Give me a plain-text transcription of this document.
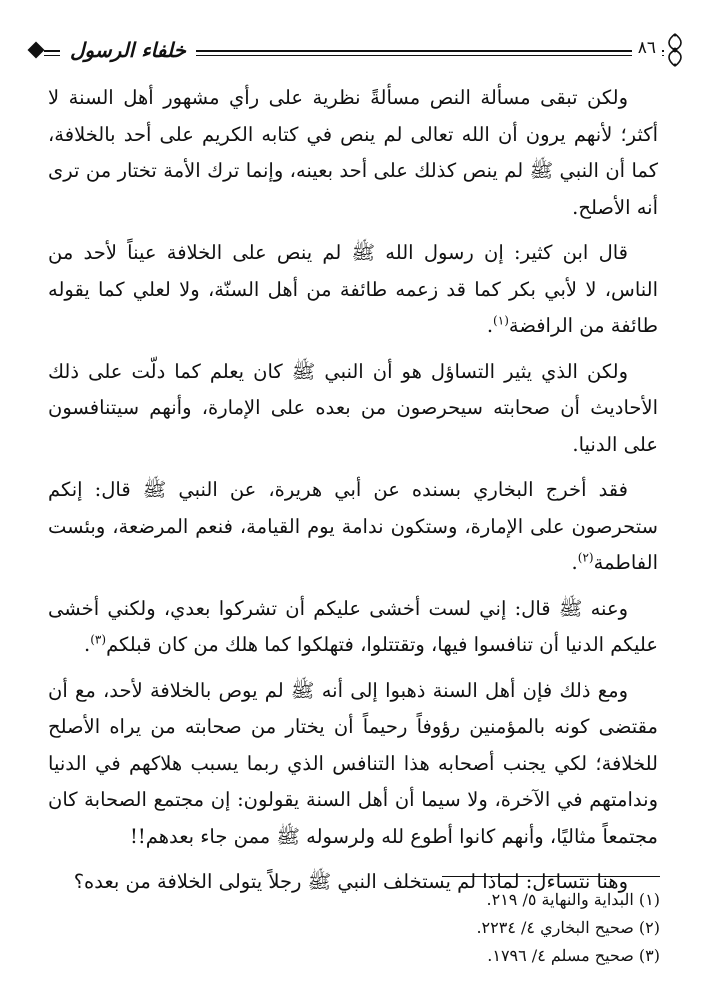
خلفاء الرسول	٨٦

ولكن تبقى مسألة النص مسألةً نظرية على رأي مشهور أهل السنة لا أكثر؛ لأنهم يرون أن الله تعالى لم ينص في كتابه الكريم على أحد بالخلافة، كما أن النبي ﷺ لم ينص كذلك على أحد بعينه، وإنما ترك الأمة تختار من ترى أنه الأصلح.

قال ابن كثير: إن رسول الله ﷺ لم ينص على الخلافة عيناً لأحد من الناس، لا لأبي بكر كما قد زعمه طائفة من أهل السنّة، ولا لعلي كما يقوله طائفة من الرافضة$^{(١)}$.

ولكن الذي يثير التساؤل هو أن النبي ﷺ كان يعلم كما دلّت على ذلك الأحاديث أن صحابته سيحرصون من بعده على الإمارة، وأنهم سيتنافسون على الدنيا.

فقد أخرج البخاري بسنده عن أبي هريرة، عن النبي ﷺ قال: إنكم ستحرصون على الإمارة، وستكون ندامة يوم القيامة، فنعم المرضعة، وبئست الفاطمة$^{(٢)}$.

وعنه ﷺ قال: إني لست أخشى عليكم أن تشركوا بعدي، ولكني أخشى عليكم الدنيا أن تنافسوا فيها، وتقتتلوا، فتهلكوا كما هلك من كان قبلكم$^{(٣)}$.

ومع ذلك فإن أهل السنة ذهبوا إلى أنه ﷺ لم يوص بالخلافة لأحد، مع أن مقتضى كونه بالمؤمنين رؤوفاً رحيماً أن يختار من صحابته من يراه الأصلح للخلافة؛ لكي يجنب أصحابه هذا التنافس الذي ربما يسبب هلاكهم في الدنيا وندامتهم في الآخرة، ولا سيما أن أهل السنة يقولون: إن مجتمع الصحابة كان مجتمعاً مثاليًا، وأنهم كانوا أطوع لله ولرسوله ﷺ ممن جاء بعدهم!!

وهنا نتساءل: لماذا لم يستخلف النبي ﷺ رجلاً يتولى الخلافة من بعده؟

(١) البداية والنهاية ٥/ ٢١٩.
(٢) صحيح البخاري ٤/ ٢٢٣٤.
(٣) صحيح مسلم ٤/ ١٧٩٦.
